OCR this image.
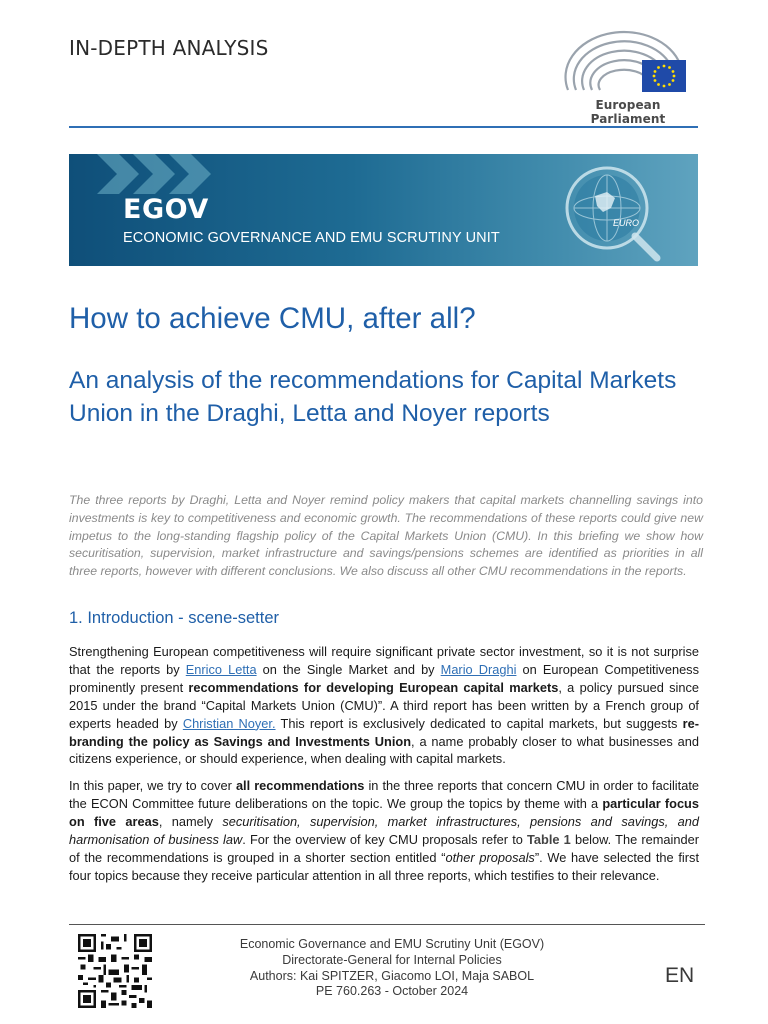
IN-DEPTH ANALYSIS
European Parliament
EGOV
ECONOMIC GOVERNANCE AND EMU SCRUTINY UNIT
EURO
How to achieve CMU, after all?
An analysis of the recommendations for Capital Markets Union in the Draghi, Letta and Noyer reports
The three reports by Draghi, Letta and Noyer remind policy makers that capital markets channelling savings into investments is key to competitiveness and economic growth. The recommendations of these reports could give new impetus to the long-standing flagship policy of the Capital Markets Union (CMU). In this briefing we show how securitisation, supervision, market infrastructure and savings/pensions schemes are identified as priorities in all three reports, however with different conclusions. We also discuss all other CMU recommendations in the reports.
1. Introduction - scene-setter
Strengthening European competitiveness will require significant private sector investment, so it is not surprise that the reports by Enrico Letta on the Single Market and by Mario Draghi on European Competitiveness prominently present recommendations for developing European capital markets, a policy pursued since 2015 under the brand “Capital Markets Union (CMU)”. A third report has been written by a French group of experts headed by Christian Noyer. This report is exclusively dedicated to capital markets, but suggests re-branding the policy as Savings and Investments Union, a name probably closer to what businesses and citizens experience, or should experience, when dealing with capital markets.
In this paper, we try to cover all recommendations in the three reports that concern CMU in order to facilitate the ECON Committee future deliberations on the topic. We group the topics by theme with a particular focus on five areas, namely securitisation, supervision, market infrastructures, pensions and savings, and harmonisation of business law. For the overview of key CMU proposals refer to Table 1 below. The remainder of the recommendations is grouped in a shorter section entitled “other proposals”. We have selected the first four topics because they receive particular attention in all three reports, which testifies to their relevance.
Economic Governance and EMU Scrutiny Unit (EGOV)
Directorate-General for Internal Policies
Authors: Kai SPITZER, Giacomo LOI, Maja SABOL
PE 760.263 - October 2024
EN
